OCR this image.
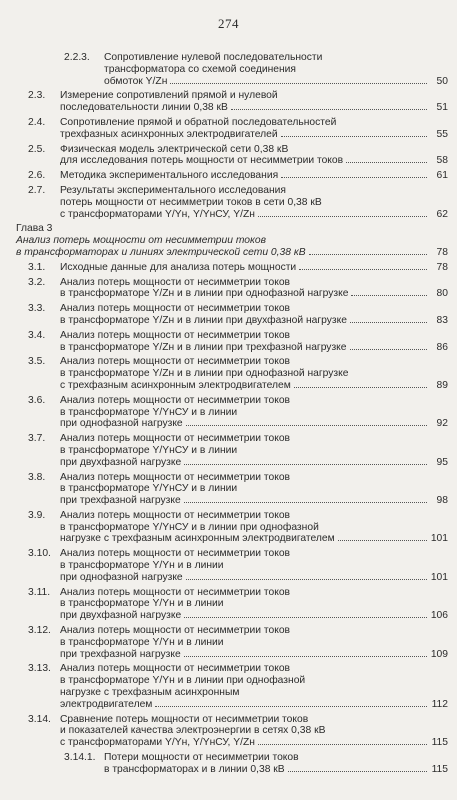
274
2.2.3.	Сопротивление нулевой последовательности
трансформатора со схемой соединения
обмоток Y/Zн	50
2.3.	Измерение сопротивлений прямой и нулевой
последовательности линии 0,38 кВ	51
2.4.	Сопротивление прямой и обратной последовательностей
трехфазных асинхронных электродвигателей	55
2.5.	Физическая модель электрической сети 0,38 кВ
для исследования потерь мощности от несимметрии токов	58
2.6.	Методика экспериментального исследования	61
2.7.	Результаты экспериментального исследования
потерь мощности от несимметрии токов в сети 0,38 кВ
с трансформаторами Y/Yн, Y/YнСУ, Y/Zн	62
Глава 3
Анализ потерь мощности от несимметрии токов
в трансформаторах и линиях электрической сети 0,38 кВ	78
3.1.	Исходные данные для анализа потерь мощности	78
3.2.	Анализ потерь мощности от несимметрии токов
в трансформаторе Y/Zн и в линии при однофазной нагрузке	80
3.3.	Анализ потерь мощности от несимметрии токов
в трансформаторе Y/Zн и в линии при двухфазной нагрузке	83
3.4.	Анализ потерь мощности от несимметрии токов
в трансформаторе Y/Zн и в линии при трехфазной нагрузке	86
3.5.	Анализ потерь мощности от несимметрии токов
в трансформаторе Y/Zн и в линии при однофазной нагрузке
с трехфазным асинхронным электродвигателем	89
3.6.	Анализ потерь мощности от несимметрии токов
в трансформаторе Y/YнСУ и в линии
при однофазной нагрузке	92
3.7.	Анализ потерь мощности от несимметрии токов
в трансформаторе Y/YнСУ и в линии
при двухфазной нагрузке	95
3.8.	Анализ потерь мощности от несимметрии токов
в трансформаторе Y/YнСУ и в линии
при трехфазной нагрузке	98
3.9.	Анализ потерь мощности от несимметрии токов
в трансформаторе Y/YнСУ и в линии при однофазной
нагрузке с трехфазным асинхронным электродвигателем	101
3.10. Анализ потерь мощности от несимметрии токов
в трансформаторе Y/Yн и в линии
при однофазной нагрузке	101
3.11. Анализ потерь мощности от несимметрии токов
в трансформаторе Y/Yн и в линии
при двухфазной нагрузке	106
3.12. Анализ потерь мощности от несимметрии токов
в трансформаторе Y/Yн и в линии
при трехфазной нагрузке	109
3.13. Анализ потерь мощности от несимметрии токов
в трансформаторе Y/Yн и в линии при однофазной
нагрузке с трехфазным асинхронным
электродвигателем	112
3.14. Сравнение потерь мощности от несимметрии токов
и показателей качества электроэнергии в сетях 0,38 кВ
с трансформаторами Y/Yн, Y/YнСУ, Y/Zн	115
3.14.1. Потери мощности от несимметрии токов
в трансформаторах и в линии 0,38 кВ	115
